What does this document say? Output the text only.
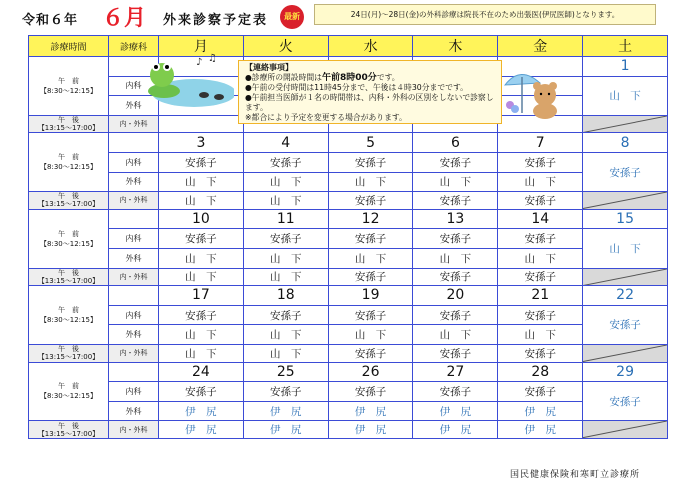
令和６年 ６月 外来診察予定表	最新	24日(月)～28日(金)の外科診療は院長不在のため出張医(伊尻医師)となります。
診療時間	診療科	月	火	水	木	金	土

午　前
【8:30～12:15】							1
	内科						山　下
	外科						

午　後
【13:15～17:00】	内・外科						

午　前
【8:30～12:15】		3	4	5	6	7	8
	内科	安孫子	安孫子	安孫子	安孫子	安孫子	安孫子
	外科	山　下	山　下	山　下	山　下	山　下	

午　後
【13:15～17:00】	内・外科	山　下	山　下	安孫子	安孫子	安孫子	

午　前
【8:30～12:15】		10	11	12	13	14	15
	内科	安孫子	安孫子	安孫子	安孫子	安孫子	山　下
	外科	山　下	山　下	山　下	山　下	山　下	

午　後
【13:15～17:00】	内・外科	山　下	山　下	安孫子	安孫子	安孫子	

午　前
【8:30～12:15】		17	18	19	20	21	22
	内科	安孫子	安孫子	安孫子	安孫子	安孫子	安孫子
	外科	山　下	山　下	山　下	山　下	山　下	

午　後
【13:15～17:00】	内・外科	山　下	山　下	安孫子	安孫子	安孫子	

午　前
【8:30～12:15】		24	25	26	27	28	29
	内科	安孫子	安孫子	安孫子	安孫子	安孫子	安孫子
	外科	伊　尻	伊　尻	伊　尻	伊　尻	伊　尻	

午　後
【13:15～17:00】	内・外科	伊　尻	伊　尻	伊　尻	伊　尻	伊　尻	
♪ ♫
【連絡事項】
●診療所の開設時間は午前8時00分です。
●午前の受付時間は11時45分まで、午後は４時30分までです。
●午前担当医師が１名の時間帯は、内科・外科の区別をしないで診察します。
※都合により予定を変更する場合があります。
国民健康保険和寒町立診療所
